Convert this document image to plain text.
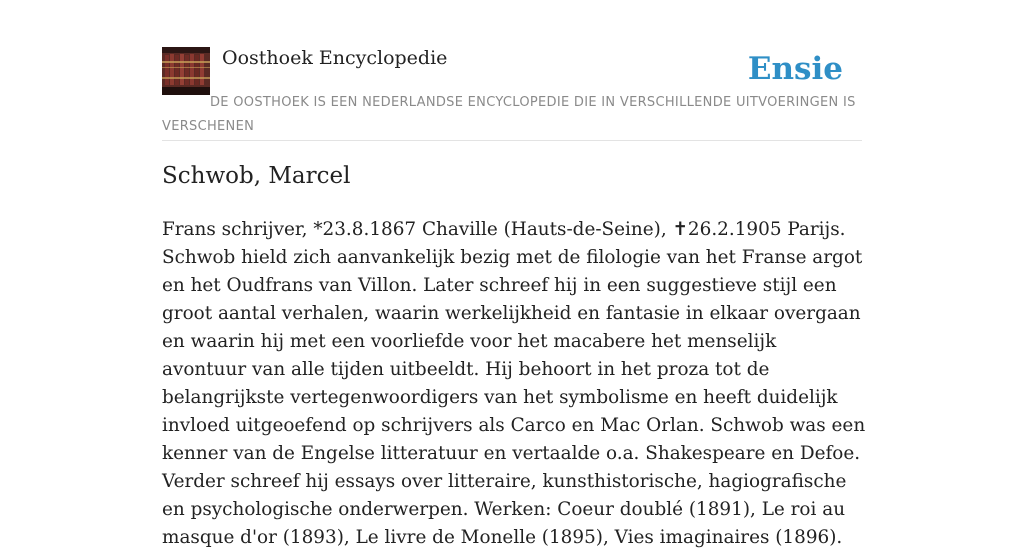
Oosthoek Encyclopedie	Ensie
DE OOSTHOEK IS EEN NEDERLANDSE ENCYCLOPEDIE DIE IN VERSCHILLENDE UITVOERINGEN IS VERSCHENEN
Schwob, Marcel

Frans schrijver, *23.8.1867 Chaville (Hauts-de-Seine), ✝26.2.1905 Parijs. Schwob hield zich aanvankelijk bezig met de filologie van het Franse argot en het Oudfrans van Villon. Later schreef hij in een suggestieve stijl een groot aantal verhalen, waarin werkelijkheid en fantasie in elkaar overgaan en waarin hij met een voorliefde voor het macabere het menselijk avontuur van alle tijden uitbeeldt. Hij behoort in het proza tot de belangrijkste vertegenwoordigers van het symbolisme en heeft duidelijk invloed uitgeoefend op schrijvers als Carco en Mac Orlan. Schwob was een kenner van de Engelse litteratuur en vertaalde o.a. Shakespeare en Defoe. Verder schreef hij essays over litteraire, kunsthistorische, hagiografische en psychologische onderwerpen. Werken: Coeur doublé (1891), Le roi au masque d'or (1893), Le livre de Monelle (1895), Vies imaginaires (1896).
